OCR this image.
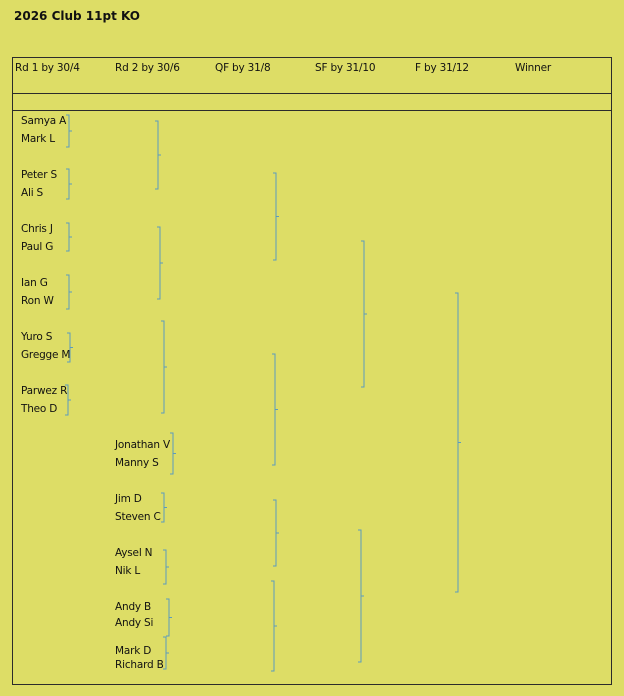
2026 Club 11pt KO
Rd 1 by 30/4	Rd 2 by 30/6	QF by 31/8	SF by 31/10	F by 31/12	Winner
Samya A
Mark L
Peter S
Ali S
Chris J
Paul G
Ian G
Ron W
Yuro S
Gregge M
Parwez R
Theo D
Jonathan V
Manny S
Jim D
Steven C
Aysel N
Nik L
Andy B
Andy Si
Mark D
Richard B
